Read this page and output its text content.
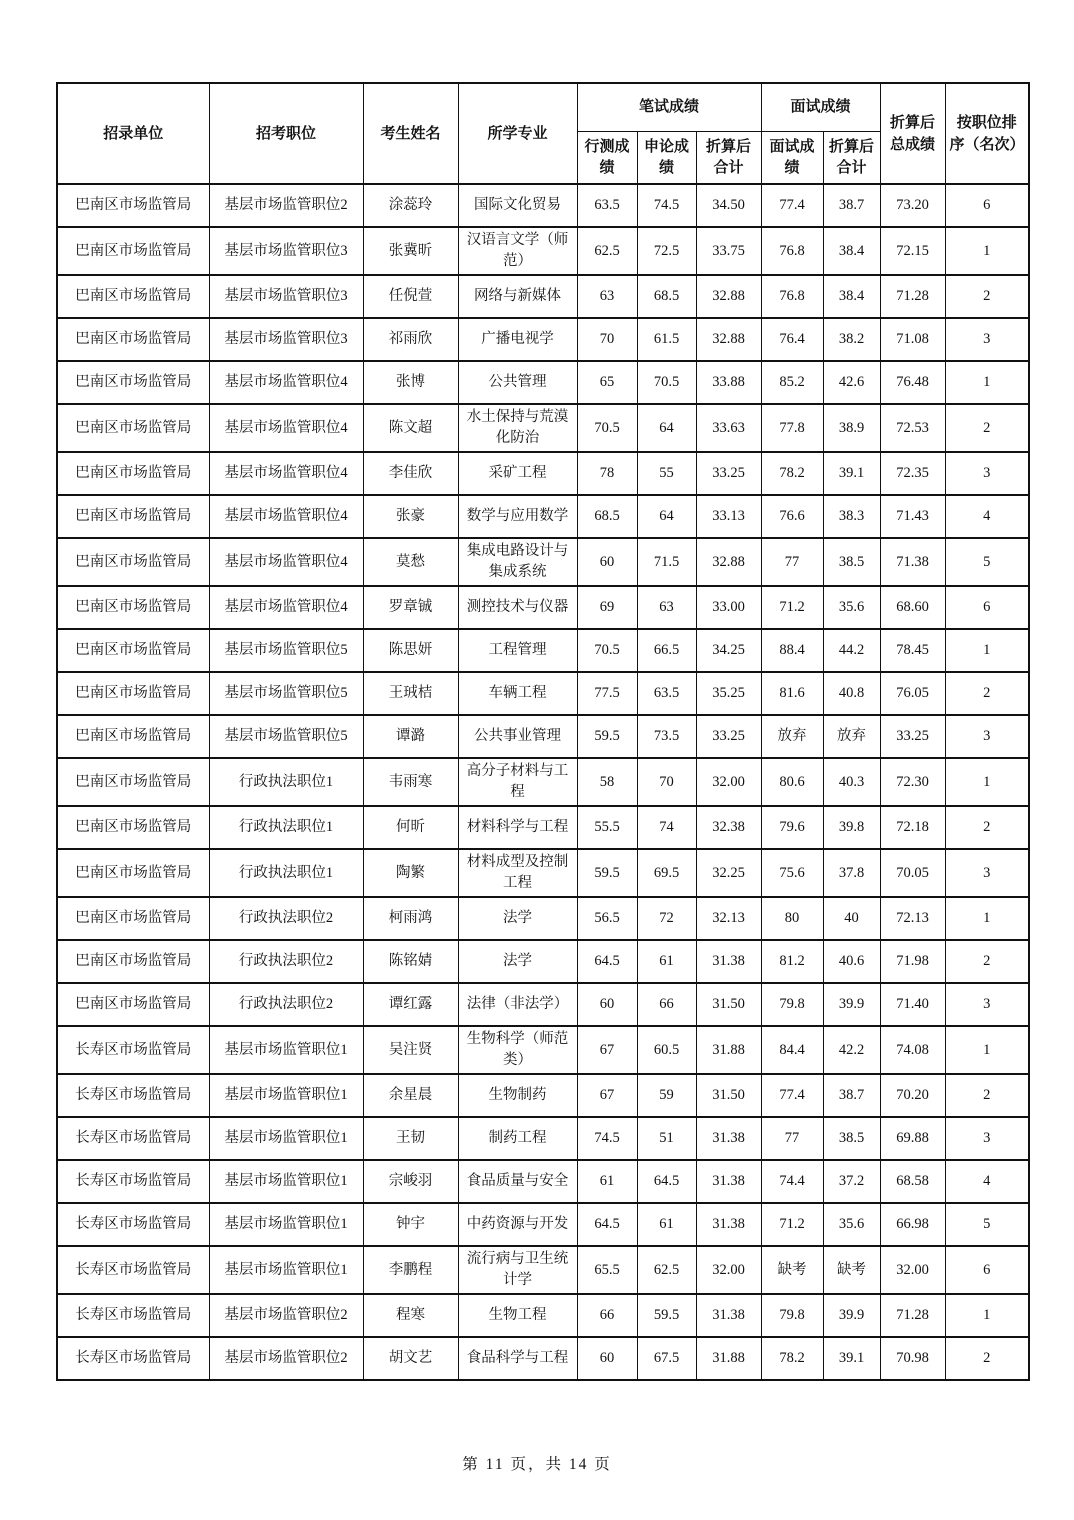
招录单位	招考职位	考生姓名	所学专业	笔试成绩			面试成绩		折算后总成绩	按职位排序（名次）
				行测成绩	申论成绩	折算后合计	面试成绩	折算后合计		
巴南区市场监管局	基层市场监管职位2	涂蕊玲	国际文化贸易	63.5	74.5	34.50	77.4	38.7	73.20	6
巴南区市场监管局	基层市场监管职位3	张冀昕	汉语言文学（师范）	62.5	72.5	33.75	76.8	38.4	72.15	1
巴南区市场监管局	基层市场监管职位3	任倪萱	网络与新媒体	63	68.5	32.88	76.8	38.4	71.28	2
巴南区市场监管局	基层市场监管职位3	祁雨欣	广播电视学	70	61.5	32.88	76.4	38.2	71.08	3
巴南区市场监管局	基层市场监管职位4	张博	公共管理	65	70.5	33.88	85.2	42.6	76.48	1
巴南区市场监管局	基层市场监管职位4	陈文超	水土保持与荒漠化防治	70.5	64	33.63	77.8	38.9	72.53	2
巴南区市场监管局	基层市场监管职位4	李佳欣	采矿工程	78	55	33.25	78.2	39.1	72.35	3
巴南区市场监管局	基层市场监管职位4	张豪	数学与应用数学	68.5	64	33.13	76.6	38.3	71.43	4
巴南区市场监管局	基层市场监管职位4	莫愁	集成电路设计与集成系统	60	71.5	32.88	77	38.5	71.38	5
巴南区市场监管局	基层市场监管职位4	罗章铖	测控技术与仪器	69	63	33.00	71.2	35.6	68.60	6
巴南区市场监管局	基层市场监管职位5	陈思妍	工程管理	70.5	66.5	34.25	88.4	44.2	78.45	1
巴南区市场监管局	基层市场监管职位5	王珬桔	车辆工程	77.5	63.5	35.25	81.6	40.8	76.05	2
巴南区市场监管局	基层市场监管职位5	谭潞	公共事业管理	59.5	73.5	33.25	放弃	放弃	33.25	3
巴南区市场监管局	行政执法职位1	韦雨寒	高分子材料与工程	58	70	32.00	80.6	40.3	72.30	1
巴南区市场监管局	行政执法职位1	何昕	材料科学与工程	55.5	74	32.38	79.6	39.8	72.18	2
巴南区市场监管局	行政执法职位1	陶繁	材料成型及控制工程	59.5	69.5	32.25	75.6	37.8	70.05	3
巴南区市场监管局	行政执法职位2	柯雨鸿	法学	56.5	72	32.13	80	40	72.13	1
巴南区市场监管局	行政执法职位2	陈铭婧	法学	64.5	61	31.38	81.2	40.6	71.98	2
巴南区市场监管局	行政执法职位2	谭红露	法律（非法学）	60	66	31.50	79.8	39.9	71.40	3
长寿区市场监管局	基层市场监管职位1	吴注贤	生物科学（师范类）	67	60.5	31.88	84.4	42.2	74.08	1
长寿区市场监管局	基层市场监管职位1	余星晨	生物制药	67	59	31.50	77.4	38.7	70.20	2
长寿区市场监管局	基层市场监管职位1	王韧	制药工程	74.5	51	31.38	77	38.5	69.88	3
长寿区市场监管局	基层市场监管职位1	宗峻羽	食品质量与安全	61	64.5	31.38	74.4	37.2	68.58	4
长寿区市场监管局	基层市场监管职位1	钟宇	中药资源与开发	64.5	61	31.38	71.2	35.6	66.98	5
长寿区市场监管局	基层市场监管职位1	李鹏程	流行病与卫生统计学	65.5	62.5	32.00	缺考	缺考	32.00	6
长寿区市场监管局	基层市场监管职位2	程寒	生物工程	66	59.5	31.38	79.8	39.9	71.28	1
长寿区市场监管局	基层市场监管职位2	胡文艺	食品科学与工程	60	67.5	31.88	78.2	39.1	70.98	2
第 11 页，共 14 页
